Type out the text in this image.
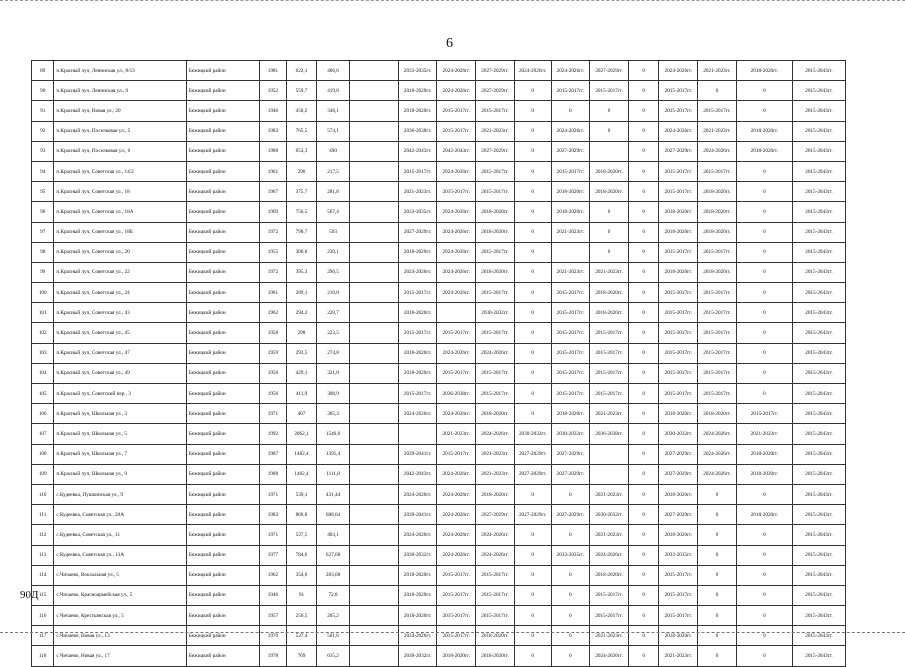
6
89	п.Красный луч, Ленинская ул., 8/13	Бежицкий район	1981	622,1	466,6		2033-2035гг.	2024-2026гг.	2027-2029гг.	2024-2026гг.	2024-2026гг.	2027-2029гг.	0	2024-2026гг.	2021-2023гг.	2018-2020гг.	2015-2043гг.
90	п.Красный луч, Ленинская ул., 9	Бежицкий район	1952	559,7	419,8		2018-2020гг.	2024-2026гг.	2027-2029гг.	0	2015-2017гг.	2015-2017гг.	0	2015-2017гг.	0	0	2015-2043гг.
91	п.Красный луч, Новая ул., 20	Бежицкий район	1946	450,2	348,1		2018-2020гг.	2015-2017гг.	2015-2017гг.	0	0	0	0	2015-2017гг.	2015-2017гг.	0	2015-2043гг.
92	п.Красный луч, Поселковая ул., 5	Бежицкий район	1983	765,5	574,1		2036-2038гг.	2015-2017гг.	2021-2023гг.	0	2024-2026гг.	0	0	2024-2026гг.	2021-2023гг.	2018-2020гг.	2015-2043гг.
93	п.Красный луч, Поселковая ул., 6	Бежицкий район	1988	653,3	490		2042-2043гг.	2042-2043гг.	2027-2029гг.	0	2027-2029гг.		0	2027-2029гг.	2024-2026гг.	2018-2020гг.	2015-2043гг.
94	п.Красный луч, Советская ул., 14/2	Бежицкий район	1961	290	217,5		2015-2017гг.	2024-2026гг.	2015-2017гг.	0	2015-2017гг.	2018-2020гг.	0	2015-2017гг.	2015-2017гг.	0	2015-2043гг.
95	п.Красный луч, Советская ул., 18	Бежицкий район	1967	375,7	281,8		2021-2023гг.	2015-2017гг.	2015-2017гг.	0	2018-2020гг.	2018-2020гг.	0	2015-2017гг.	2018-2020гг.	0	2015-2043гг.
96	п.Красный луч, Советская ул., 18А	Бежицкий район	1969	756,5	567,4		2033-2035гг.	2024-2026гг.	2018-2020гг.	0	2018-2020гг.	0	0	2018-2020гг.	2018-2020гг.	0	2015-2043гг.
97	п.Красный луч, Советская ул., 18Б	Бежицкий район	1972	790,7	593		2027-2029гг.	2024-2026гг.	2018-2020гг.	0	2021-2023гг.	0	0	2018-2020гг.	2018-2020гг.	0	2015-2043гг.
98	п.Красный луч, Советская ул., 20	Бежицкий район	1955	306,8	230,1		2018-2020гг.	2024-2026гг.	2015-2017гг.	0		0	0	2015-2017гг.	2015-2017гг.	0	2015-2043гг.
99	п.Красный луч, Советская ул., 22	Бежицкий район	1972	395,3	296,5		2024-2026гг.	2024-2026гг.	2018-2020гг.	0	2021-2023гг.	2021-2023гг.	0	2018-2020гг.	2018-2020гг.	0	2015-2043гг.
100	п.Красный луч, Советская ул., 24	Бежицкий район	1961	289,1	216,8		2015-2017гг.	2024-2026гг.	2015-2017гг.	0	2015-2017гг.	2018-2020гг.	0	2015-2017гг.	2015-2017гг.	0	2015-2043гг.
101	п.Красный луч, Советская ул., 43	Бежицкий район	1962	294,2	220,7		2018-2020гг.		2030-2032гг.	0	2015-2017гг.	2018-2020гг.	0	2015-2017гг.	2015-2017гг.	0	2015-2043гг.
102	п.Красный луч, Советская ул., 45	Бежицкий район	1958	298	223,5		2015-2017гг.	2015-2017гг.	2015-2017гг.	0	2015-2017гг.	2015-2017гг.	0	2015-2017гг.	2015-2017гг.	0	2015-2043гг.
103	п.Красный луч, Советская ул., 47	Бежицкий район	1959	293,5	274,8		2018-2020гг.	2024-2026гг.	2024-2026гг.	0	2015-2017гг.	2015-2017гг.	0	2015-2017гг.	2015-2017гг.	0	2015-2043гг.
104	п.Красный луч, Советская ул., 49	Бежицкий район	1956	429,1	321,8		2018-2020гг.	2015-2017гг.	2015-2017гг.	0	2015-2017гг.	2015-2017гг.	0	2015-2017гг.	2015-2017гг.	0	2015-2043гг.
105	п.Красный луч, Советский пер., 3	Бежицкий район	1956	411,9	308,9		2015-2017гг.	2036-2038гг.	2015-2017гг.	0	2015-2017гг.	2015-2017гг.	0	2015-2017гг.	2015-2017гг.	0	2015-2043гг.
106	п.Красный луч, Школьная ул., 3	Бежицкий район	1971	407	305,3		2024-2026гг.	2024-2026гг.	2018-2020гг.	0	2018-2020гг.	2021-2023гг.	0	2018-2020гг.	2018-2020гг.	2015-2017гг.	2015-2043гг.
107	п.Красный луч, Школьная ул., 5	Бежицкий район	1992	2062,1	1546,6			2021-2023гг.	2024-2026гг.	2030-2032гг.	2030-2032гг.	2036-2038гг.	0	2030-2032гг.	2024-2026гг.	2021-2023гг.	2015-2043гг.
108	п.Красный луч, Школьная ул., 7	Бежицкий район	1987	1482,4	1391,4		2039-2041гг.	2015-2017гг.	2021-2023гг.	2027-2029гг.	2027-2029гг.		0	2027-2029гг.	2024-2026гг.	2018-2020гг.	2015-2043гг.
109	п.Красный луч, Школьная ул., 9	Бежицкий район	1988	1482,4	1111,8		2042-2043гг.	2024-2026гг.	2021-2023гг.	2027-2029гг.	2027-2029гг.		0	2027-2029гг.	2024-2026гг.	2018-2020гг.	2015-2043гг.
110	с.Кудеевка, Пушкинская ул., 9	Бежицкий район	1971	539,1	431,44		2024-2026гг.	2024-2026гг.	2018-2020гг.	0	0	2021-2023гг.	0	2018-2020гг.	0	0	2015-2043гг.
111	с.Кудеевка, Советская ул., 20А	Бежицкий район	1983	860,8	688,64		2039-2041гг.	2024-2026гг.	2027-2029гг.	2027-2029гг.	2027-2029гг.	2030-2032гг.	0	2027-2029гг.	0	2018-2020гг.	2015-2043гг.
112	с.Кудеевка, Советская ул., 11	Бежицкий район	1971	537,5	403,1		2024-2026гг.	2024-2026гг.	2024-2026гг.	0	0	2021-2023гг.	0	2018-2020гг.	0	0	2015-2043гг.
113	с.Кудеевка, Советская ул., 13А	Бежицкий район	1977	784,6	627,68		2030-2032гг.	2024-2026гг.	2024-2026гг.	0	2033-2035гг.	2024-2026гг.	0	2033-2035гг.	0	0	2015-2043гг.
114	с.Чичаево, Вокзальная ул., 5	Бежицкий район	1962	354,6	283,68		2018-2020гг.	2015-2017гг.	2015-2017гг.	0	0	2018-2020гг.	0	2015-2017гг.	0	0	2015-2043гг.
115	с.Чичаево, Красноармейская ул., 5	Бежицкий район	1946	91	72,8		2018-2020гг.	2015-2017гг.	2015-2017гг.	0	0	2015-2017гг.	0	2015-2017гг.	0	0	2015-2043гг.
116	с.Чичаево, Крестьянская ул., 5	Бежицкий район	1957	256,5	205,2		2018-2020гг.	2015-2017гг.	2015-2017гг.	0	0	2015-2017гг.	0	2015-2017гг.	0	0	2015-2043гг.
117	с.Чичаево, Новая ул., 13	Бежицкий район	1970	537,4	501,6		2024-2026гг.	2015-2017гг.	2018-2020гг.	0	0	2021-2023гг.	0	2018-2020гг.	0	0	2015-2043гг.
118	с.Чичаево, Новая ул., 17	Бежицкий район	1978	769	615,2		2030-2032гг.	2018-2020гг.	2018-2020гг.	0	0	2024-2026гг.	0	2021-2023гг.	0	0	2015-2043гг.
90Д
